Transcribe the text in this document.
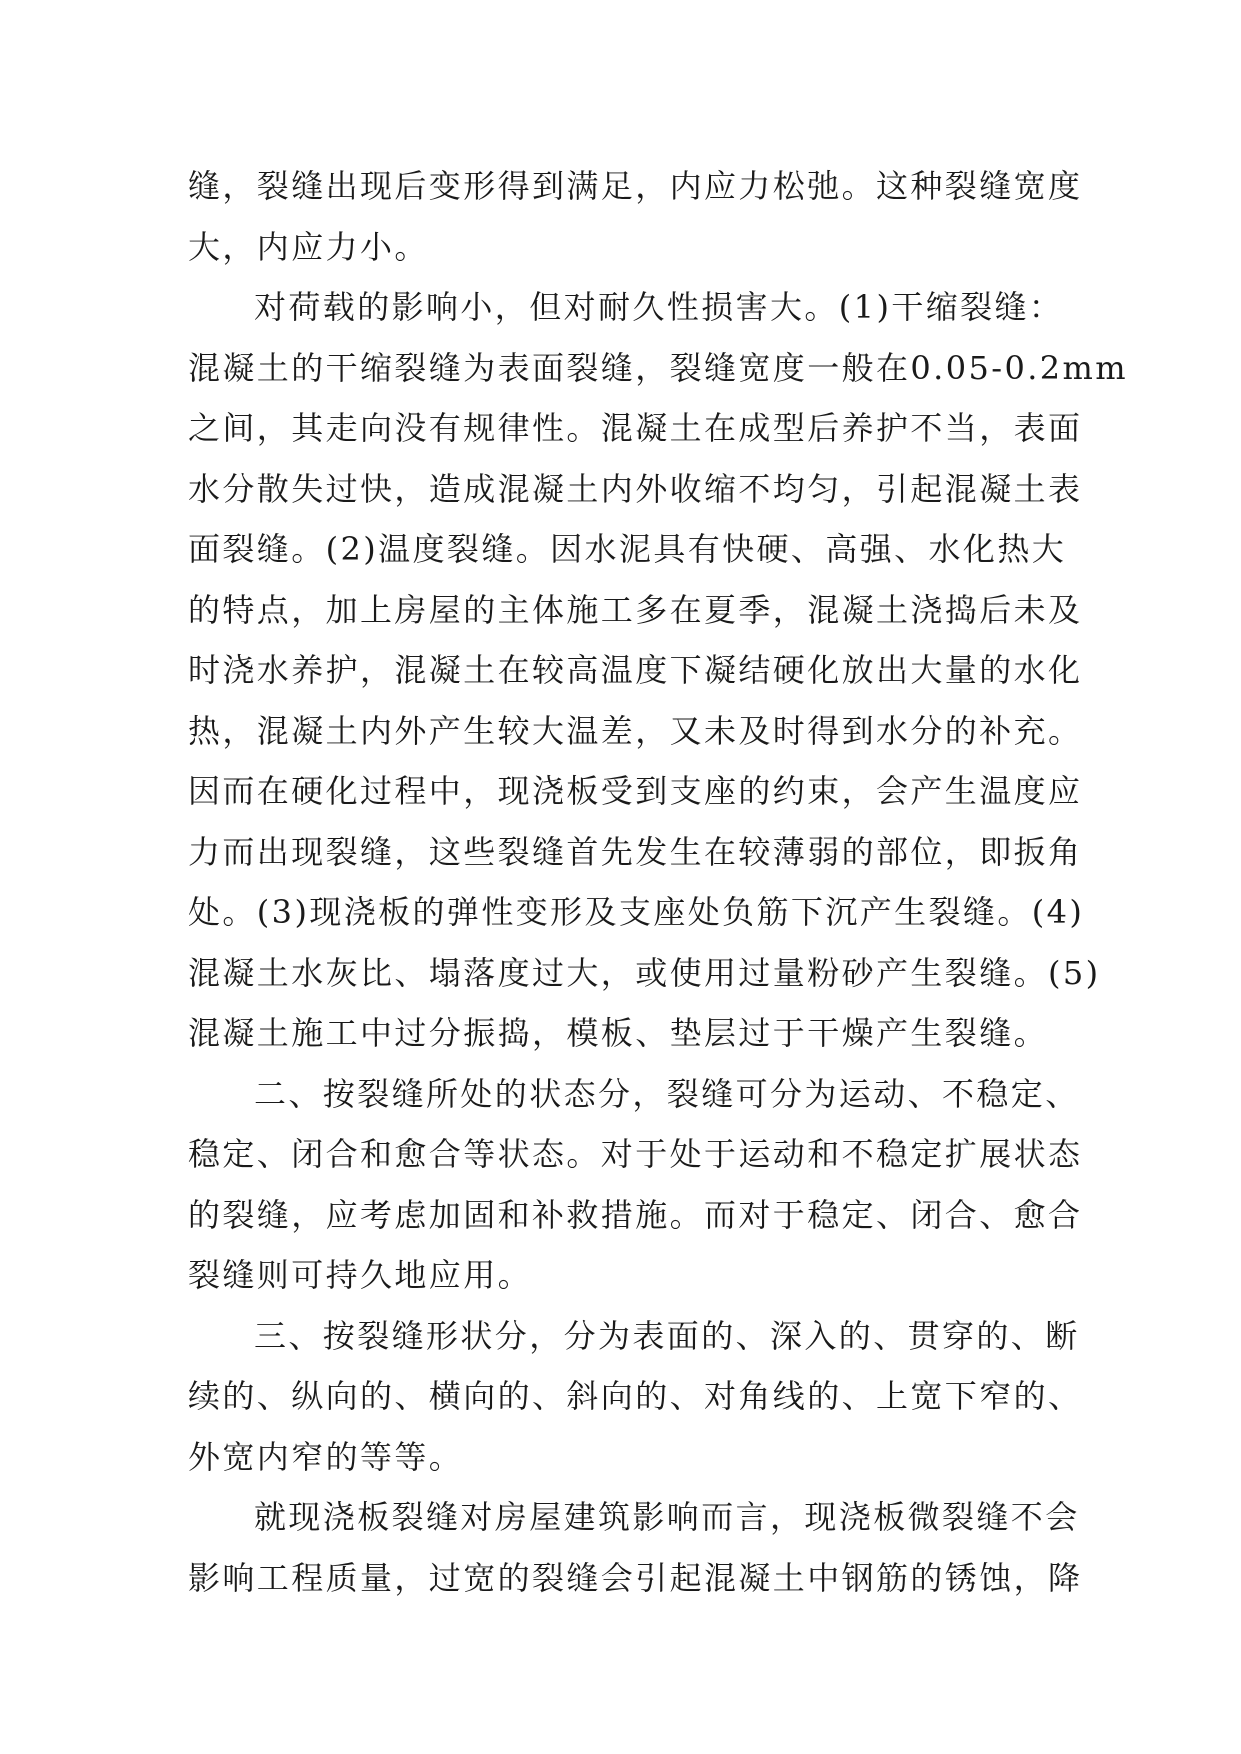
缝，裂缝出现后变形得到满足，内应力松弛。这种裂缝宽度
大，内应力小。
对荷载的影响小，但对耐久性损害大。(1)干缩裂缝：
混凝土的干缩裂缝为表面裂缝，裂缝宽度一般在0.05-0.2mm
之间，其走向没有规律性。混凝土在成型后养护不当，表面
水分散失过快，造成混凝土内外收缩不均匀，引起混凝土表
面裂缝。(2)温度裂缝。因水泥具有快硬、高强、水化热大
的特点，加上房屋的主体施工多在夏季，混凝土浇捣后未及
时浇水养护，混凝土在较高温度下凝结硬化放出大量的水化
热，混凝土内外产生较大温差，又未及时得到水分的补充。
因而在硬化过程中，现浇板受到支座的约束，会产生温度应
力而出现裂缝，这些裂缝首先发生在较薄弱的部位，即扳角
处。(3)现浇板的弹性变形及支座处负筋下沉产生裂缝。(4)
混凝土水灰比、塌落度过大，或使用过量粉砂产生裂缝。(5)
混凝土施工中过分振捣，模板、垫层过于干燥产生裂缝。
二、按裂缝所处的状态分，裂缝可分为运动、不稳定、
稳定、闭合和愈合等状态。对于处于运动和不稳定扩展状态
的裂缝，应考虑加固和补救措施。而对于稳定、闭合、愈合
裂缝则可持久地应用。
三、按裂缝形状分，分为表面的、深入的、贯穿的、断
续的、纵向的、横向的、斜向的、对角线的、上宽下窄的、
外宽内窄的等等。
就现浇板裂缝对房屋建筑影响而言，现浇板微裂缝不会
影响工程质量，过宽的裂缝会引起混凝土中钢筋的锈蚀，降
